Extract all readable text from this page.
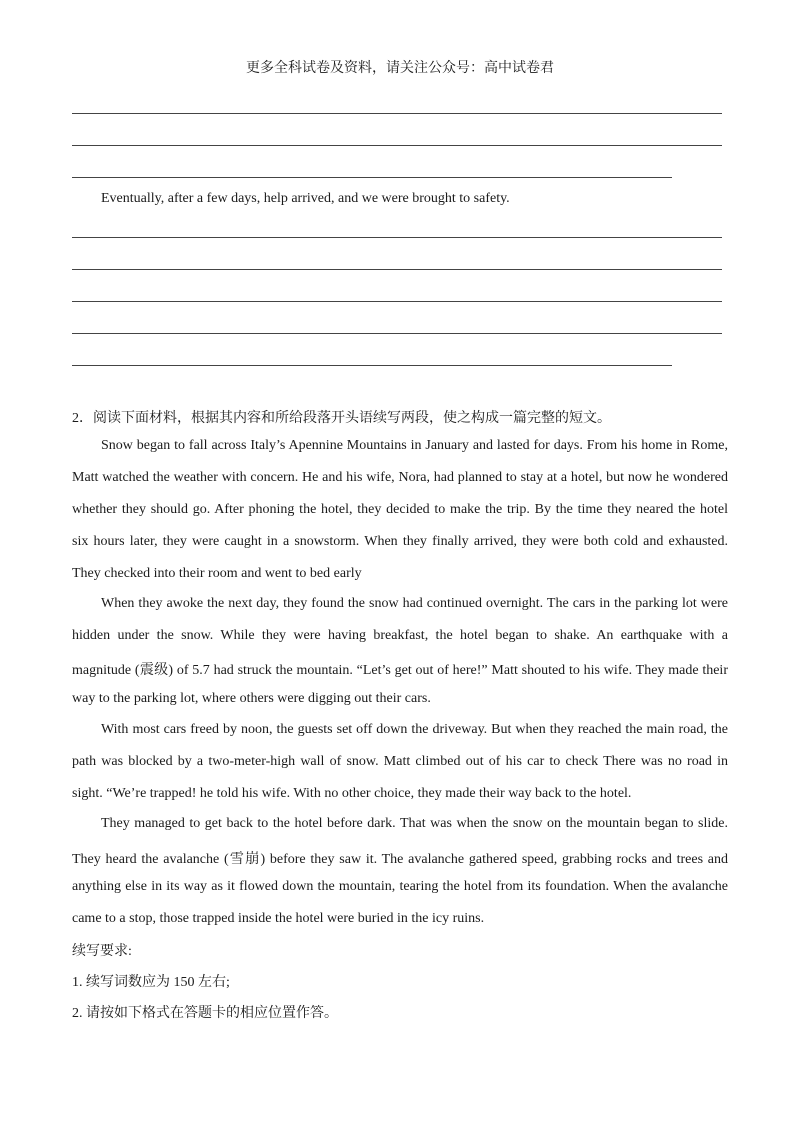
更多全科试卷及资料，请关注公众号：高中试卷君
Eventually, after a few days, help arrived, and we were brought to safety.
2．阅读下面材料，根据其内容和所给段落开头语续写两段，使之构成一篇完整的短文。
Snow began to fall across Italy’s Apennine Mountains in January and lasted for days. From his home in Rome,
Matt watched the weather with concern. He and his wife, Nora, had planned to stay at a hotel, but now he wondered
whether they should go. After phoning the hotel, they decided to make the trip. By the time they neared the hotel
six hours later, they were caught in a snowstorm. When they finally arrived, they were both cold and exhausted.
They checked into their room and went to bed early
When they awoke the next day, they found the snow had continued overnight. The cars in the parking lot were
hidden under the snow. While they were having breakfast, the hotel began to shake. An earthquake with a
magnitude (震级) of 5.7 had struck the mountain. “Let’s get out of here!” Matt shouted to his wife. They made their
way to the parking lot, where others were digging out their cars.
With most cars freed by noon, the guests set off down the driveway. But when they reached the main road, the
path was blocked by a two-meter-high wall of snow. Matt climbed out of his car to check There was no road in
sight. “We’re trapped! he told his wife. With no other choice, they made their way back to the hotel.
They managed to get back to the hotel before dark. That was when the snow on the mountain began to slide.
They heard the avalanche (雪崩) before they saw it. The avalanche gathered speed, grabbing rocks and trees and
anything else in its way as it flowed down the mountain, tearing the hotel from its foundation. When the avalanche
came to a stop, those trapped inside the hotel were buried in the icy ruins.
续写要求:
1. 续写词数应为 150 左右;
2. 请按如下格式在答题卡的相应位置作答。
